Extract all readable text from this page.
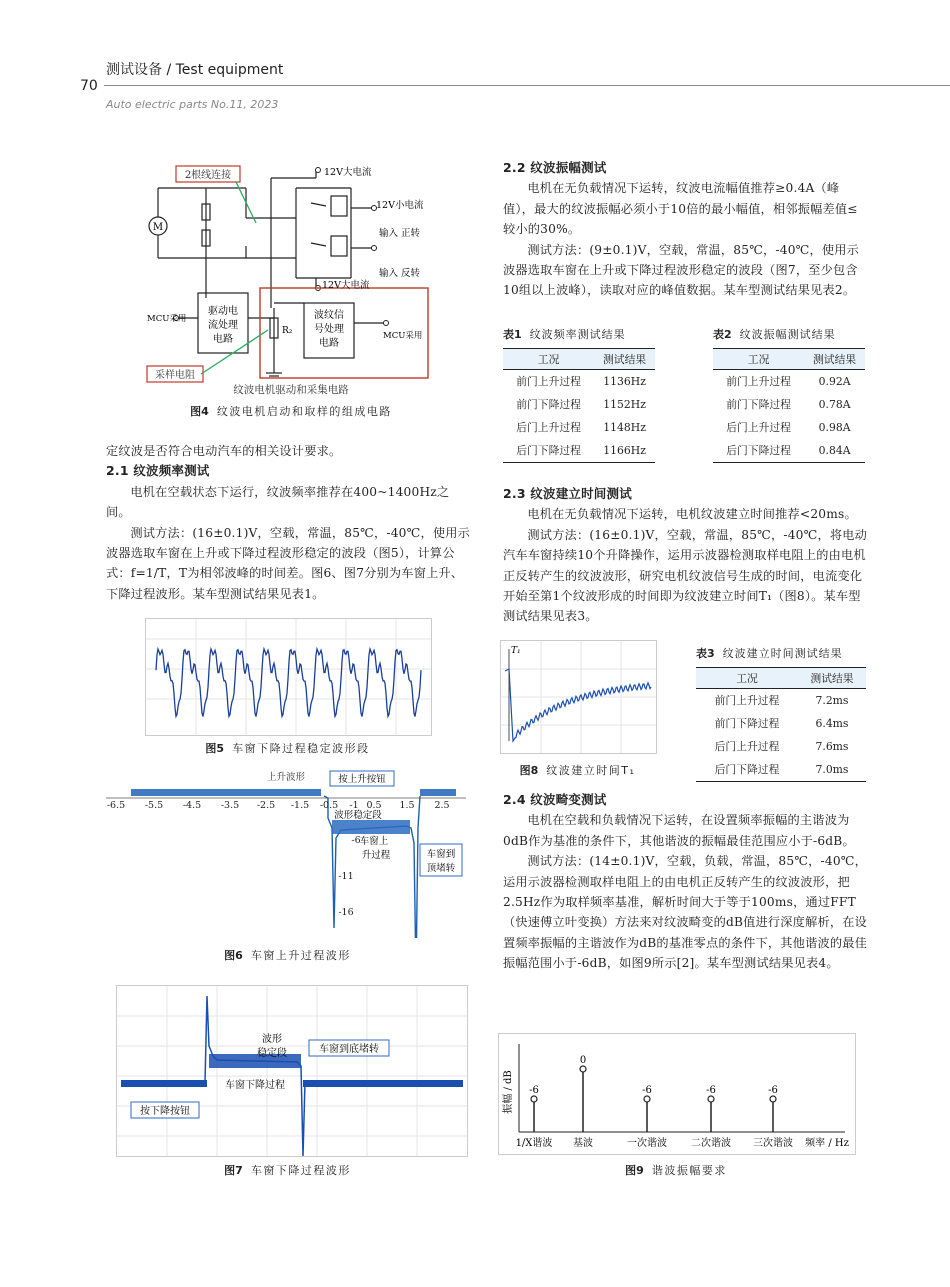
测试设备 / Test equipment
70
Auto electric parts No.11, 2023
M
2根线连接	12V大电流
12V小电流
输入 正转
输入 反转
12V大电流
MCU采用
驱动电
流处理
电路
R₂
波纹信
号处理
电路
MCU采用
采样电阻
纹波电机驱动和采集电路
图4 纹波电机启动和取样的组成电路

定纹波是否符合电动汽车的相关设计要求。

2.1 纹波频率测试

电机在空载状态下运行，纹波频率推荐在400~1400Hz之间。

测试方法：(16±0.1)V，空载，常温，85℃，-40℃，使用示波器选取车窗在上升或下降过程波形稳定的波段（图5），计算公式：f=1/T，T为相邻波峰的时间差。图6、图7分别为车窗上升、下降过程波形。某车型测试结果见表1。

图5 车窗下降过程稳定波形段
-6.5 -5.5 -4.5 -3.5 -2.5 -1.5 -0.5 -1 0.5 1.5 2.5
-6
-11
-16
上升波形	按上升按钮
波形稳定段
车窗上
升过程	车窗到
顶堵转
图6 车窗上升过程波形
波形
稳定段	车窗到底堵转
车窗下降过程
按下降按钮
图7 车窗下降过程波形

2.2 纹波振幅测试

电机在无负载情况下运转，纹波电流幅值推荐≥0.4A（峰值），最大的纹波振幅必须小于10倍的最小幅值，相邻振幅差值≤较小的30%。

测试方法：(9±0.1)V，空载，常温，85℃，-40℃，使用示波器选取车窗在上升或下降过程波形稳定的波段（图7，至少包含10组以上波峰），读取对应的峰值数据。某车型测试结果见表2。

表1 纹波频率测试结果
工况	测试结果
前门上升过程	1136Hz
前门下降过程	1152Hz
后门上升过程	1148Hz
后门下降过程	1166Hz
表2 纹波振幅测试结果
工况	测试结果
前门上升过程	0.92A
前门下降过程	0.78A
后门上升过程	0.98A
后门下降过程	0.84A

2.3 纹波建立时间测试

电机在无负载情况下运转，电机纹波建立时间推荐<20ms。

测试方法：(16±0.1)V，空载，常温，85℃，-40℃，将电动汽车车窗持续10个升降操作，运用示波器检测取样电阻上的由电机正反转产生的纹波波形，研究电机纹波信号生成的时间，电流变化开始至第1个纹波形成的时间即为纹波建立时间T₁（图8）。某车型测试结果见表3。

T₁
图8 纹波建立时间T₁
表3 纹波建立时间测试结果
工况	测试结果
前门上升过程	7.2ms
前门下降过程	6.4ms
后门上升过程	7.6ms
后门下降过程	7.0ms

2.4 纹波畸变测试

电机在空载和负载情况下运转，在设置频率振幅的主谐波为0dB作为基准的条件下，其他谐波的振幅最佳范围应小于-6dB。

测试方法：(14±0.1)V，空载，负载，常温，85℃，-40℃，运用示波器检测取样电阻上的由电机正反转产生的纹波波形，把2.5Hz作为取样频率基准，解析时间大于等于100ms，通过FFT（快速傅立叶变换）方法来对纹波畸变的dB值进行深度解析，在设置频率振幅的主谐波作为dB的基准零点的条件下，其他谐波的最佳振幅范围小于-6dB，如图9所示[2]。某车型测试结果见表4。

振幅 / dB
频率 / Hz
-6
1/X谐波
0
基波
-6
一次谐波
-6
二次谐波
-6
三次谐波
图9 谐波振幅要求
